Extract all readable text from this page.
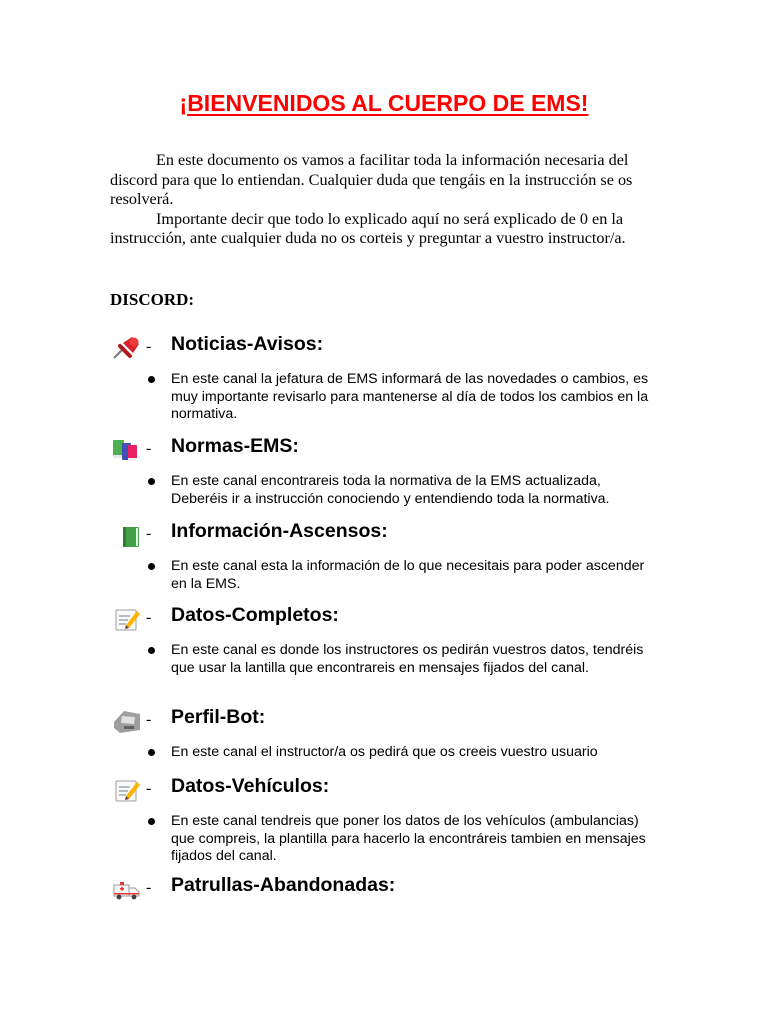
¡BIENVENIDOS AL CUERPO DE EMS!

En este documento os vamos a facilitar toda la información necesaria del discord para que lo entiendan. Cualquier duda que tengáis en la instrucción se os resolverá.

Importante decir que todo lo explicado aquí no será explicado de 0 en la instrucción, ante cualquier duda no os corteis y preguntar a vuestro instructor/a.

DISCORD:
- Noticias-Avisos:
En este canal la jefatura de EMS informará de las novedades o cambios, es muy importante revisarlo para mantenerse al día de todos los cambios en la normativa.
- Normas-EMS:
En este canal encontrareis toda la normativa de la EMS actualizada, Deberéis ir a instrucción conociendo y entendiendo toda la normativa.
- Información-Ascensos:
En este canal esta la información de lo que necesitais para poder ascender en la EMS.
- Datos-Completos:
En este canal es donde los instructores os pedirán vuestros datos, tendréis que usar la lantilla que encontrareis en mensajes fijados del canal.
- Perfil-Bot:
En este canal el instructor/a os pedirá que os creeis vuestro usuario
- Datos-Vehículos:
En este canal tendreis que poner los datos de los vehículos (ambulancias) que compreis, la plantilla para hacerlo la encontráreis tambien en mensajes fijados del canal.
- Patrullas-Abandonadas:
